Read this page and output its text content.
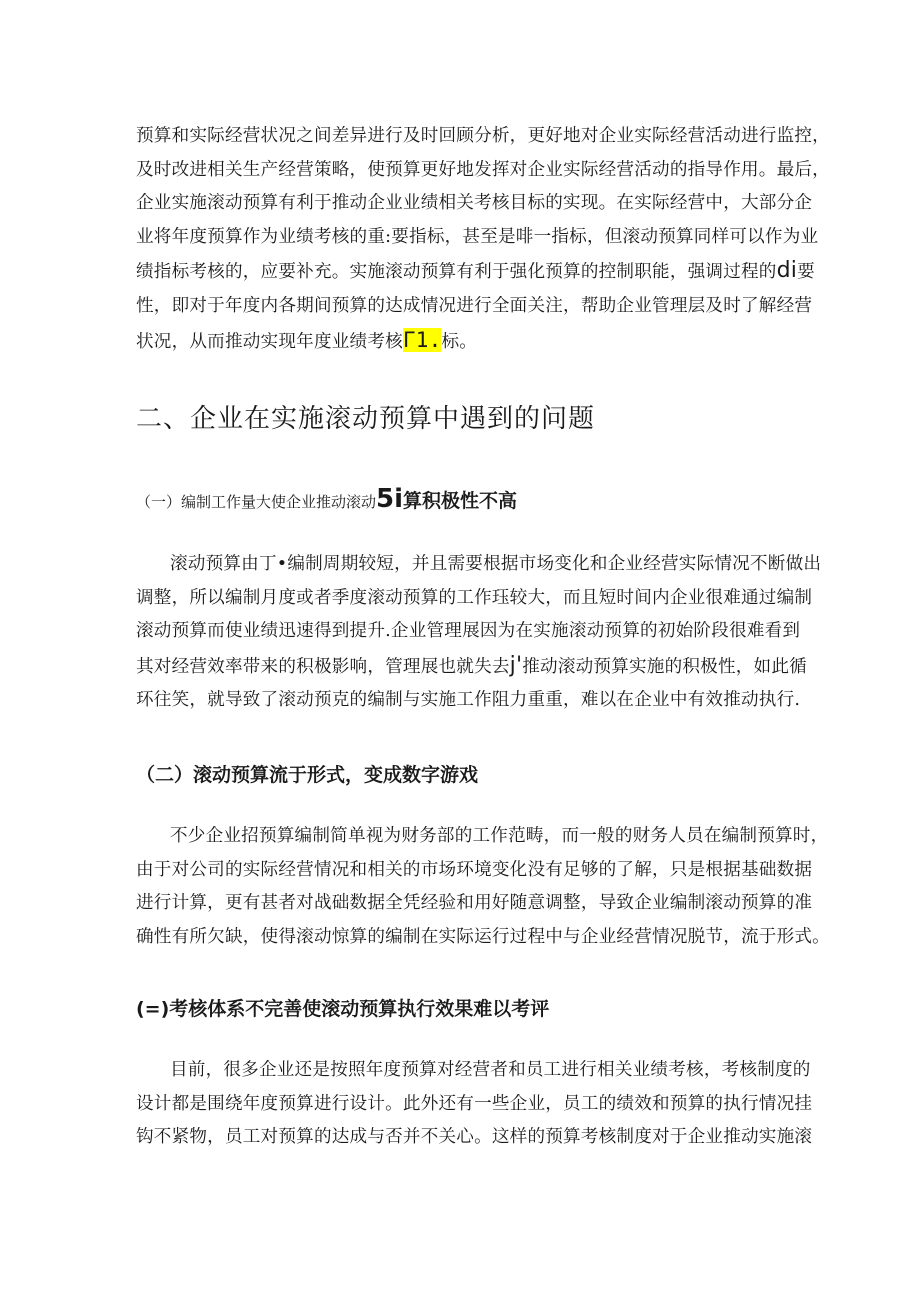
预算和实际经营状况之间差异进行及时回顾分析，更好地对企业实际经营活动进行监控，
及时改进相关生产经营策略，使预算更好地发挥对企业实际经营活动的指导作用。最后，
企业实施滚动预算有利于推动企业业绩相关考核目标的实现。在实际经营中，大部分企
业将年度预算作为业绩考核的重:要指标，甚至是啡一指标，但滚动预算同样可以作为业
绩指标考核的，应要补充。实施滚动预算有利于强化预算的控制职能，强调过程的di要
性，即对于年度内各期间预算的达成情况进行全面关注，帮助企业管理层及时了解经营
状况，从而推动实现年度业绩考核Γ1.标。
二、企业在实施滚动预算中遇到的问题
（一）编制工作量大使企业推动滚动5i算积极性不高
滚动预算由丁•编制周期较短，并且需要根据市场变化和企业经营实际情况不断做出
调整，所以编制月度或者季度滚动预算的工作珏较大，而且短时间内企业很难通过编制
滚动预算而使业绩迅速得到提升.企业管理展因为在实施滚动预算的初始阶段很难看到
其对经营效率带来的积极影响，管理展也就失去j'推动滚动预算实施的积极性，如此循
环往笑，就导致了滚动预克的编制与实施工作阻力重重，难以在企业中有效推动执行.
（二）滚动预算流于形式，变成数字游戏
不少企业招预算编制简单视为财务部的工作范畴，而一般的财务人员在编制预算时，
由于对公司的实际经营情况和相关的市场环境变化没有足够的了解，只是根据基础数据
进行计算，更有甚者对战础数据全凭经验和用好随意调整，导致企业编制滚动预算的准
确性有所欠缺，使得滚动惊算的编制在实际运行过程中与企业经营情况脱节，流于形式。
(=)考核体系不完善使滚动预算执行效果难以考评
目前，很多企业还是按照年度预算对经营者和员工进行相关业绩考核，考核制度的
设计都是围绕年度预算进行设计。此外还有一些企业，员工的绩效和预算的执行情况挂
钩不紧物，员工对预算的达成与否并不关心。这样的预算考核制度对于企业推动实施滚
